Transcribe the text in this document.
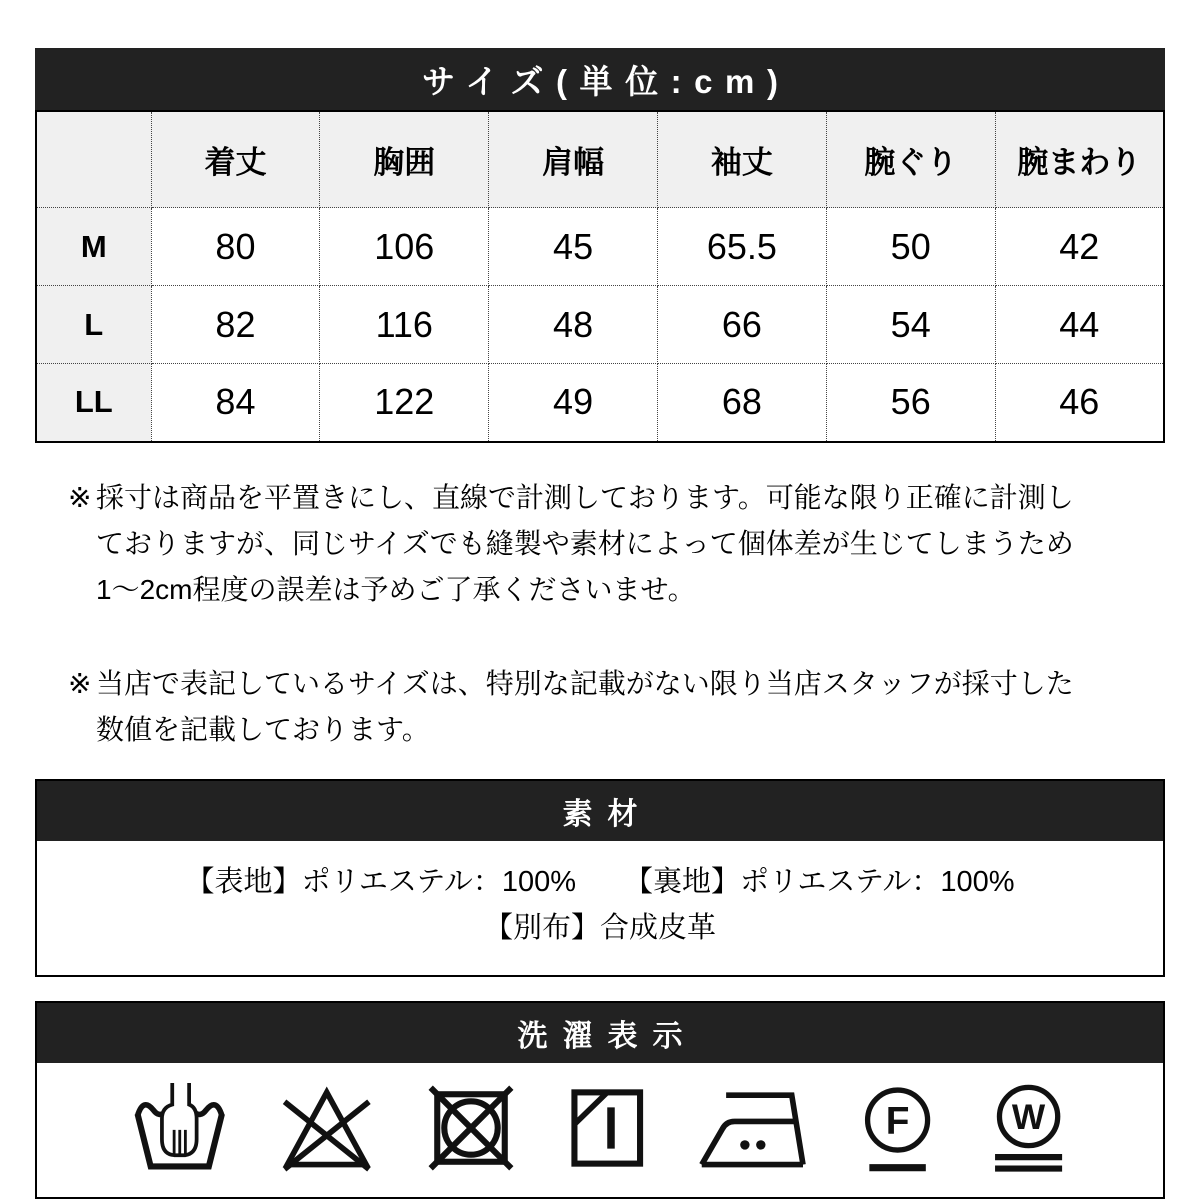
サイズ(単位:cm)
	着丈	胸囲	肩幅	袖丈	腕ぐり	腕まわり
M	80	106	45	65.5	50	42
L	82	116	48	66	54	44
LL	84	122	49	68	56	46
※ 採寸は商品を平置きにし、直線で計測しております。可能な限り正確に計測し
ておりますが、同じサイズでも縫製や素材によって個体差が生じてしまうため
1〜2cm程度の誤差は予めご了承くださいませ。
※ 当店で表記しているサイズは、特別な記載がない限り当店スタッフが採寸した
数値を記載しております。
素材
【表地】ポリエステル：100% 【裏地】ポリエステル：100%
【別布】合成皮革
洗濯表示
F	W
